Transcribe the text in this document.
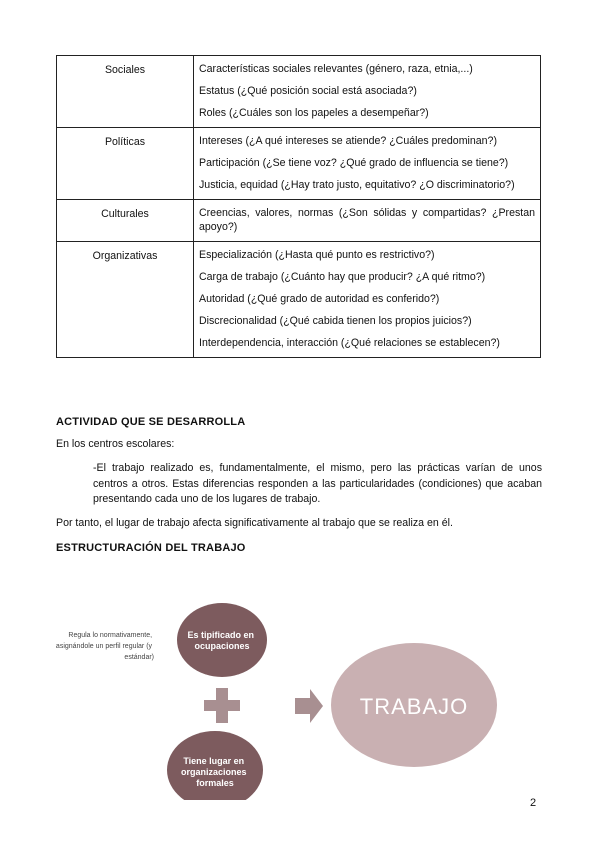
Sociales	Características sociales relevantes (género, raza, etnia,...)

Estatus (¿Qué posición social está asociada?)

Roles (¿Cuáles son los papeles a desempeñar?)

Políticas	Intereses (¿A qué intereses se atiende? ¿Cuáles predominan?)

Participación (¿Se tiene voz? ¿Qué grado de influencia se tiene?)

Justicia, equidad (¿Hay trato justo, equitativo? ¿O discriminatorio?)

Culturales	Creencias, valores, normas (¿Son sólidas y compartidas? ¿Prestan apoyo?)

Organizativas	Especialización (¿Hasta qué punto es restrictivo?)

Carga de trabajo (¿Cuánto hay que producir? ¿A qué ritmo?)

Autoridad (¿Qué grado de autoridad es conferido?)

Discrecionalidad (¿Qué cabida tienen los propios juicios?)

Interdependencia, interacción (¿Qué relaciones se establecen?)

ACTIVIDAD QUE SE DESARROLLA
En los centros escolares:
-El trabajo realizado es, fundamentalmente, el mismo, pero las prácticas varían de unos centros a otros. Estas diferencias responden a las particularidades (condiciones) que acaban presentando cada uno de los lugares de trabajo.
Por tanto, el lugar de trabajo afecta significativamente al trabajo que se realiza en él.
ESTRUCTURACIÓN DEL TRABAJO
Regula lo normativamente, asignándole un perfil regular (y estándar)
Es tipificado en ocupaciones
Tiene lugar en organizaciones formales
TRABAJO
2
